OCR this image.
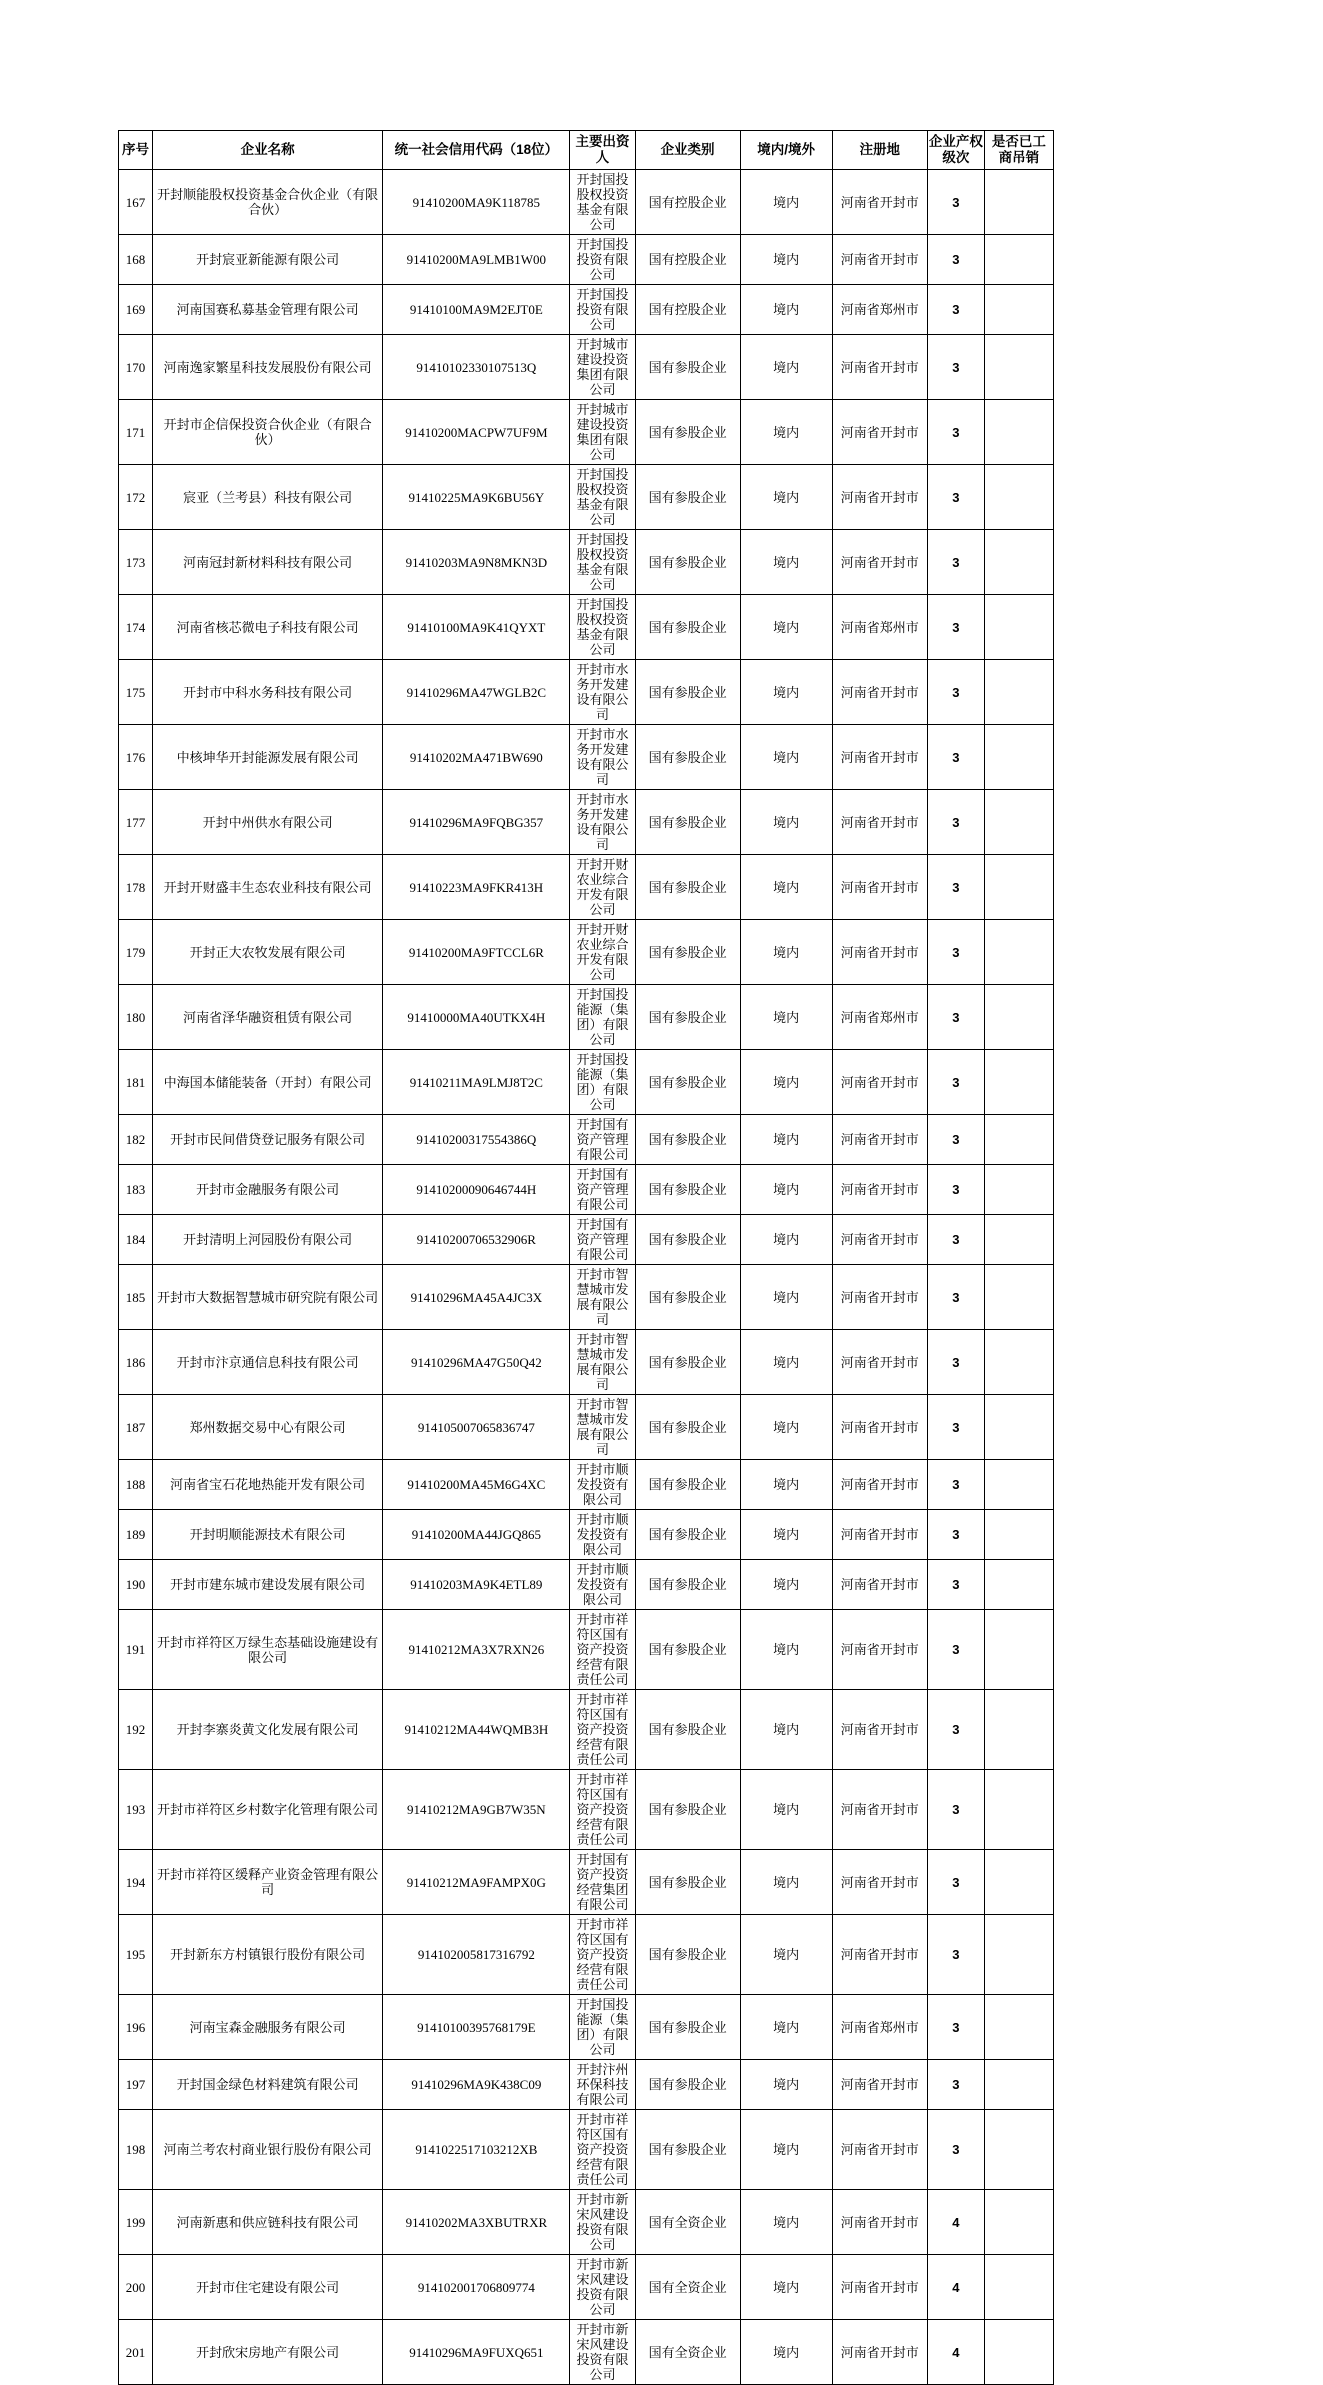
序号	企业名称	统一社会信用代码（18位）	主要出资人	企业类别	境内/境外	注册地	企业产权级次	是否已工商吊销
167	开封顺能股权投资基金合伙企业（有限合伙）	91410200MA9K118785	开封国投股权投资基金有限公司	国有控股企业	境内	河南省开封市	3	
168	开封宸亚新能源有限公司	91410200MA9LMB1W00	开封国投投资有限公司	国有控股企业	境内	河南省开封市	3	
169	河南国赛私募基金管理有限公司	91410100MA9M2EJT0E	开封国投投资有限公司	国有控股企业	境内	河南省郑州市	3	
170	河南逸家繁星科技发展股份有限公司	91410102330107513Q	开封城市建设投资集团有限公司	国有参股企业	境内	河南省开封市	3	
171	开封市企信保投资合伙企业（有限合伙）	91410200MACPW7UF9M	开封城市建设投资集团有限公司	国有参股企业	境内	河南省开封市	3	
172	宸亚（兰考县）科技有限公司	91410225MA9K6BU56Y	开封国投股权投资基金有限公司	国有参股企业	境内	河南省开封市	3	
173	河南冠封新材料科技有限公司	91410203MA9N8MKN3D	开封国投股权投资基金有限公司	国有参股企业	境内	河南省开封市	3	
174	河南省核芯微电子科技有限公司	91410100MA9K41QYXT	开封国投股权投资基金有限公司	国有参股企业	境内	河南省郑州市	3	
175	开封市中科水务科技有限公司	91410296MA47WGLB2C	开封市水务开发建设有限公司	国有参股企业	境内	河南省开封市	3	
176	中核坤华开封能源发展有限公司	91410202MA471BW690	开封市水务开发建设有限公司	国有参股企业	境内	河南省开封市	3	
177	开封中州供水有限公司	91410296MA9FQBG357	开封市水务开发建设有限公司	国有参股企业	境内	河南省开封市	3	
178	开封开财盛丰生态农业科技有限公司	91410223MA9FKR413H	开封开财农业综合开发有限公司	国有参股企业	境内	河南省开封市	3	
179	开封正大农牧发展有限公司	91410200MA9FTCCL6R	开封开财农业综合开发有限公司	国有参股企业	境内	河南省开封市	3	
180	河南省泽华融资租赁有限公司	91410000MA40UTKX4H	开封国投能源（集团）有限公司	国有参股企业	境内	河南省郑州市	3	
181	中海国本储能装备（开封）有限公司	91410211MA9LMJ8T2C	开封国投能源（集团）有限公司	国有参股企业	境内	河南省开封市	3	
182	开封市民间借贷登记服务有限公司	91410200317554386Q	开封国有资产管理有限公司	国有参股企业	境内	河南省开封市	3	
183	开封市金融服务有限公司	91410200090646744H	开封国有资产管理有限公司	国有参股企业	境内	河南省开封市	3	
184	开封清明上河园股份有限公司	91410200706532906R	开封国有资产管理有限公司	国有参股企业	境内	河南省开封市	3	
185	开封市大数据智慧城市研究院有限公司	91410296MA45A4JC3X	开封市智慧城市发展有限公司	国有参股企业	境内	河南省开封市	3	
186	开封市汴京通信息科技有限公司	91410296MA47G50Q42	开封市智慧城市发展有限公司	国有参股企业	境内	河南省开封市	3	
187	郑州数据交易中心有限公司	914105007065836747	开封市智慧城市发展有限公司	国有参股企业	境内	河南省开封市	3	
188	河南省宝石花地热能开发有限公司	91410200MA45M6G4XC	开封市顺发投资有限公司	国有参股企业	境内	河南省开封市	3	
189	开封明顺能源技术有限公司	91410200MA44JGQ865	开封市顺发投资有限公司	国有参股企业	境内	河南省开封市	3	
190	开封市建东城市建设发展有限公司	91410203MA9K4ETL89	开封市顺发投资有限公司	国有参股企业	境内	河南省开封市	3	
191	开封市祥符区万绿生态基础设施建设有限公司	91410212MA3X7RXN26	开封市祥符区国有资产投资经营有限责任公司	国有参股企业	境内	河南省开封市	3	
192	开封李寨炎黄文化发展有限公司	91410212MA44WQMB3H	开封市祥符区国有资产投资经营有限责任公司	国有参股企业	境内	河南省开封市	3	
193	开封市祥符区乡村数字化管理有限公司	91410212MA9GB7W35N	开封市祥符区国有资产投资经营有限责任公司	国有参股企业	境内	河南省开封市	3	
194	开封市祥符区缓释产业资金管理有限公司	91410212MA9FAMPX0G	开封国有资产投资经营集团有限公司	国有参股企业	境内	河南省开封市	3	
195	开封新东方村镇银行股份有限公司	914102005817316792	开封市祥符区国有资产投资经营有限责任公司	国有参股企业	境内	河南省开封市	3	
196	河南宝森金融服务有限公司	91410100395768179E	开封国投能源（集团）有限公司	国有参股企业	境内	河南省郑州市	3	
197	开封国金绿色材料建筑有限公司	91410296MA9K438C09	开封汴州环保科技有限公司	国有参股企业	境内	河南省开封市	3	
198	河南兰考农村商业银行股份有限公司	9141022517103212XB	开封市祥符区国有资产投资经营有限责任公司	国有参股企业	境内	河南省开封市	3	
199	河南新惠和供应链科技有限公司	91410202MA3XBUTRXR	开封市新宋风建设投资有限公司	国有全资企业	境内	河南省开封市	4	
200	开封市住宅建设有限公司	914102001706809774	开封市新宋风建设投资有限公司	国有全资企业	境内	河南省开封市	4	
201	开封欣宋房地产有限公司	91410296MA9FUXQ651	开封市新宋风建设投资有限公司	国有全资企业	境内	河南省开封市	4	
